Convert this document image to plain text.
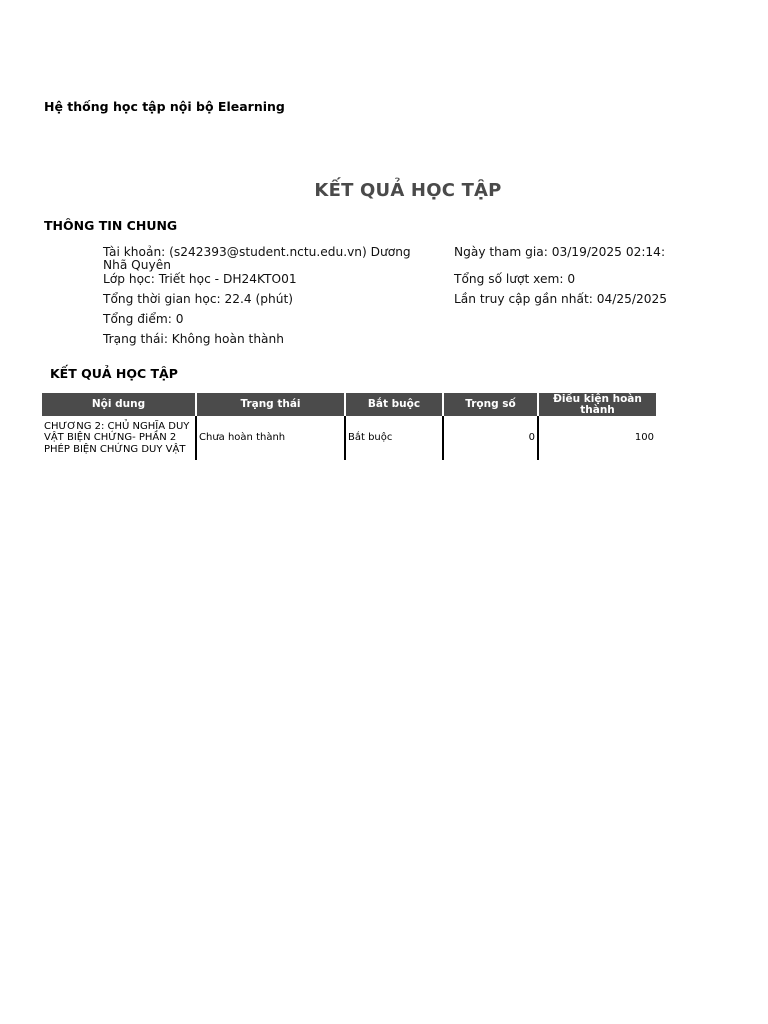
Hệ thống học tập nội bộ Elearning
KẾT QUẢ HỌC TẬP
THÔNG TIN CHUNG
Tài khoản: (s242393@student.nctu.edu.vn) Dương Nhã Quyên
Lớp học: Triết học - DH24KTO01
Tổng thời gian học: 22.4 (phút)
Tổng điểm: 0
Trạng thái: Không hoàn thành
Ngày tham gia: 03/19/2025 02:14:
Tổng số lượt xem: 0
Lần truy cập gần nhất: 04/25/2025
KẾT QUẢ HỌC TẬP
Nội dung	Trạng thái	Bắt buộc	Trọng số	Điều kiện hoàn thành
CHƯƠNG 2: CHỦ NGHĨA DUY VẬT BIỆN CHỨNG- PHẦN 2 PHÉP BIỆN CHỨNG DUY VẬT	Chưa hoàn thành	Bắt buộc	0	100
